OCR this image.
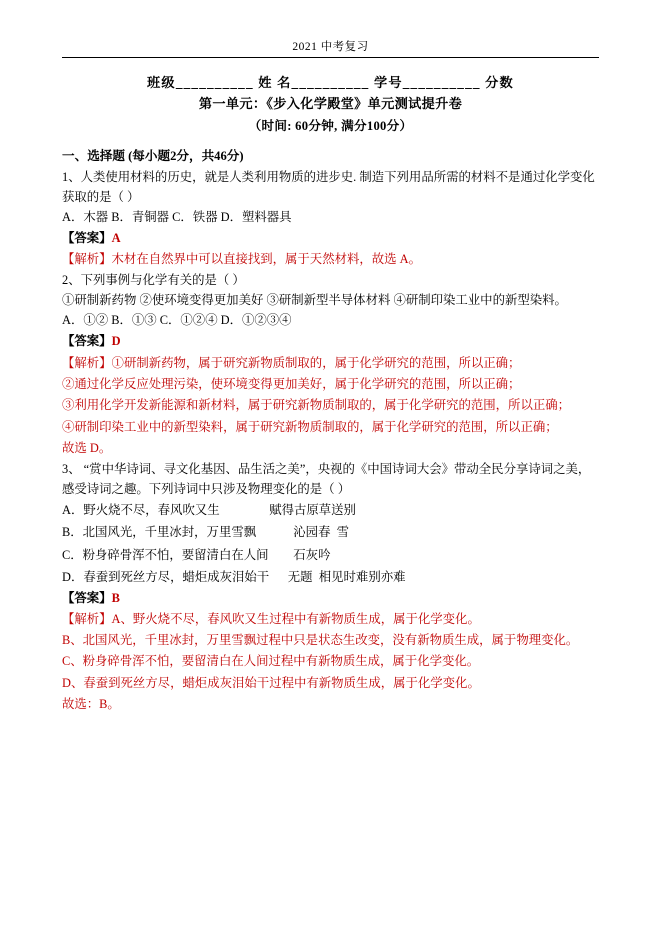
2021 中考复习
班级__________ 姓 名__________ 学号__________ 分数
第一单元：《步入化学殿堂》单元测试提升卷
（时间: 60分钟, 满分100分）
一、选择题 (每小题2分，共46分)

1、人类使用材料的历史，就是人类利用物质的进步史. 制造下列用品所需的材料不是通过化学变化获取的是（ ）

A．木器 B．青铜器 C．铁器 D．塑料器具

【答案】A

【解析】木材在自然界中可以直接找到，属于天然材料，故选 A。

2、下列事例与化学有关的是（ ）

①研制新药物 ②使环境变得更加美好 ③研制新型半导体材料 ④研制印染工业中的新型染料。

A．①② B．①③ C．①②④ D．①②③④

【答案】D

【解析】①研制新药物，属于研究新物质制取的，属于化学研究的范围，所以正确；

②通过化学反应处理污染，使环境变得更加美好，属于化学研究的范围，所以正确；

③利用化学开发新能源和新材料，属于研究新物质制取的，属于化学研究的范围，所以正确；

④研制印染工业中的新型染料，属于研究新物质制取的，属于化学研究的范围，所以正确；

故选 D。

3、 “赏中华诗词、寻文化基因、品生活之美”，央视的《中国诗词大会》带动全民分享诗词之美，感受诗词之趣。下列诗词中只涉及物理变化的是（ ）

A．野火烧不尽，春风吹又生                赋得古原草送别

B．北国风光，千里冰封，万里雪飘            沁园春  雪

C．粉身碎骨浑不怕，要留清白在人间        石灰吟

D．春蚕到死丝方尽，蜡炬成灰泪始干      无题  相见时难别亦难

【答案】B

【解析】A、野火烧不尽，春风吹又生过程中有新物质生成，属于化学变化。

B、北国风光，千里冰封，万里雪飘过程中只是状态生改变，没有新物质生成，属于物理变化。

C、粉身碎骨浑不怕，要留清白在人间过程中有新物质生成，属于化学变化。

D、春蚕到死丝方尽，蜡炬成灰泪始干过程中有新物质生成，属于化学变化。

故选：B。
